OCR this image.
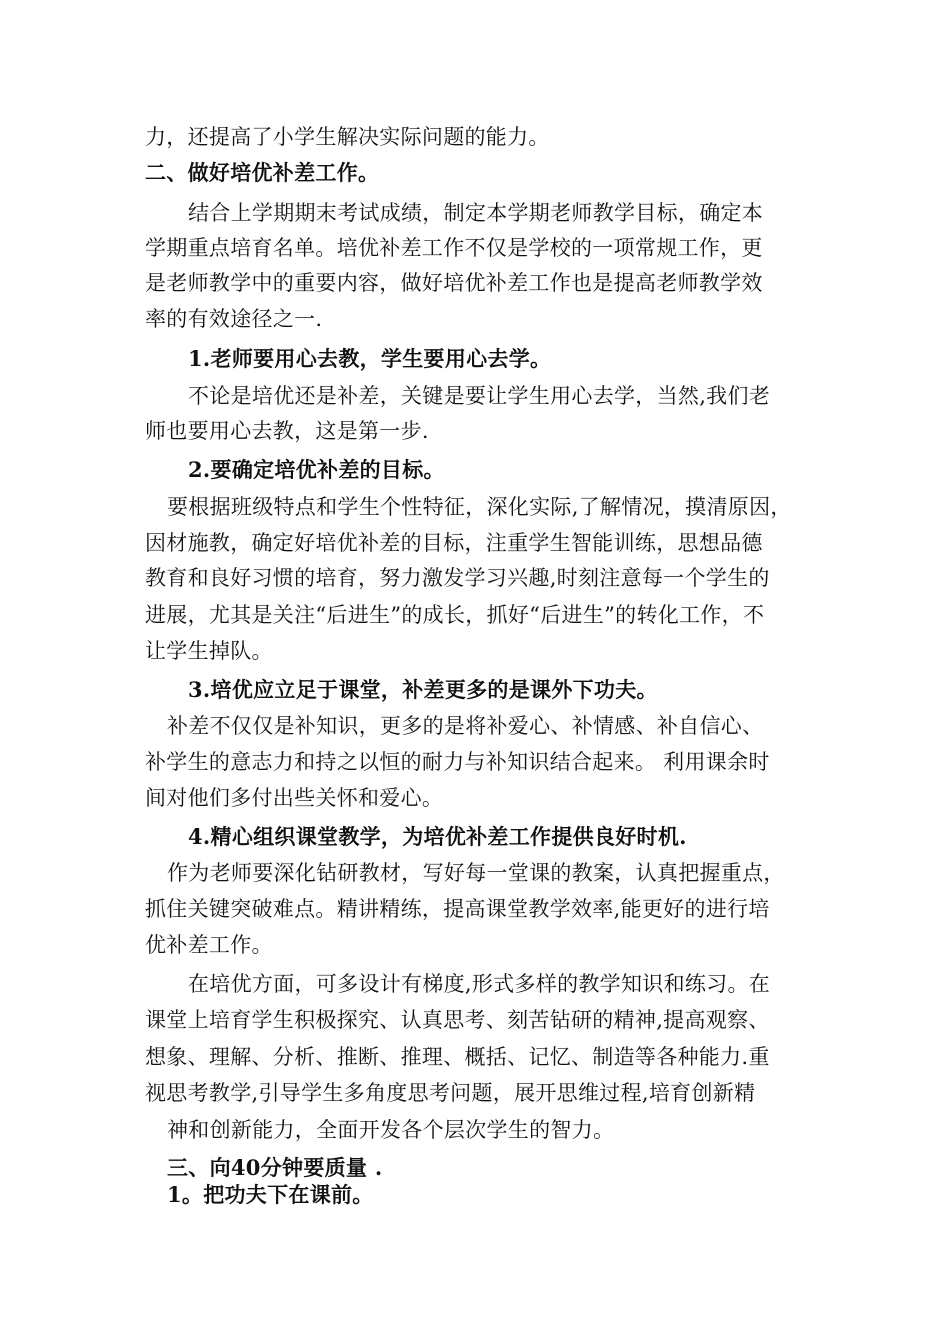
力，还提高了小学生解决实际问题的能力。
二、做好培优补差工作。
结合上学期期末考试成绩，制定本学期老师教学目标，确定本
学期重点培育名单。培优补差工作不仅是学校的一项常规工作，更
是老师教学中的重要内容，做好培优补差工作也是提高老师教学效
率的有效途径之一.
1.老师要用心去教，学生要用心去学。
不论是培优还是补差，关键是要让学生用心去学，当然,我们老
师也要用心去教，这是第一步.
2.要确定培优补差的目标。
要根据班级特点和学生个性特征，深化实际,了解情况，摸清原因，
因材施教，确定好培优补差的目标，注重学生智能训练，思想品德
教育和良好习惯的培育，努力激发学习兴趣,时刻注意每一个学生的
进展，尤其是关注“后进生”的成长，抓好“后进生”的转化工作，不
让学生掉队。
3.培优应立足于课堂，补差更多的是课外下功夫。
补差不仅仅是补知识，更多的是将补爱心、补情感、补自信心、
补学生的意志力和持之以恒的耐力与补知识结合起来。 利用课余时
间对他们多付出些关怀和爱心。
4.精心组织课堂教学，为培优补差工作提供良好时机.
作为老师要深化钻研教材，写好每一堂课的教案，认真把握重点，
抓住关键突破难点。精讲精练，提高课堂教学效率,能更好的进行培
优补差工作。
在培优方面，可多设计有梯度,形式多样的教学知识和练习。在
课堂上培育学生积极探究、认真思考、刻苦钻研的精神,提高观察、
想象、理解、分析、推断、推理、概括、记忆、制造等各种能力.重
视思考教学,引导学生多角度思考问题，展开思维过程,培育创新精
神和创新能力，全面开发各个层次学生的智力。
三、向40分钟要质量 .
1。把功夫下在课前。
